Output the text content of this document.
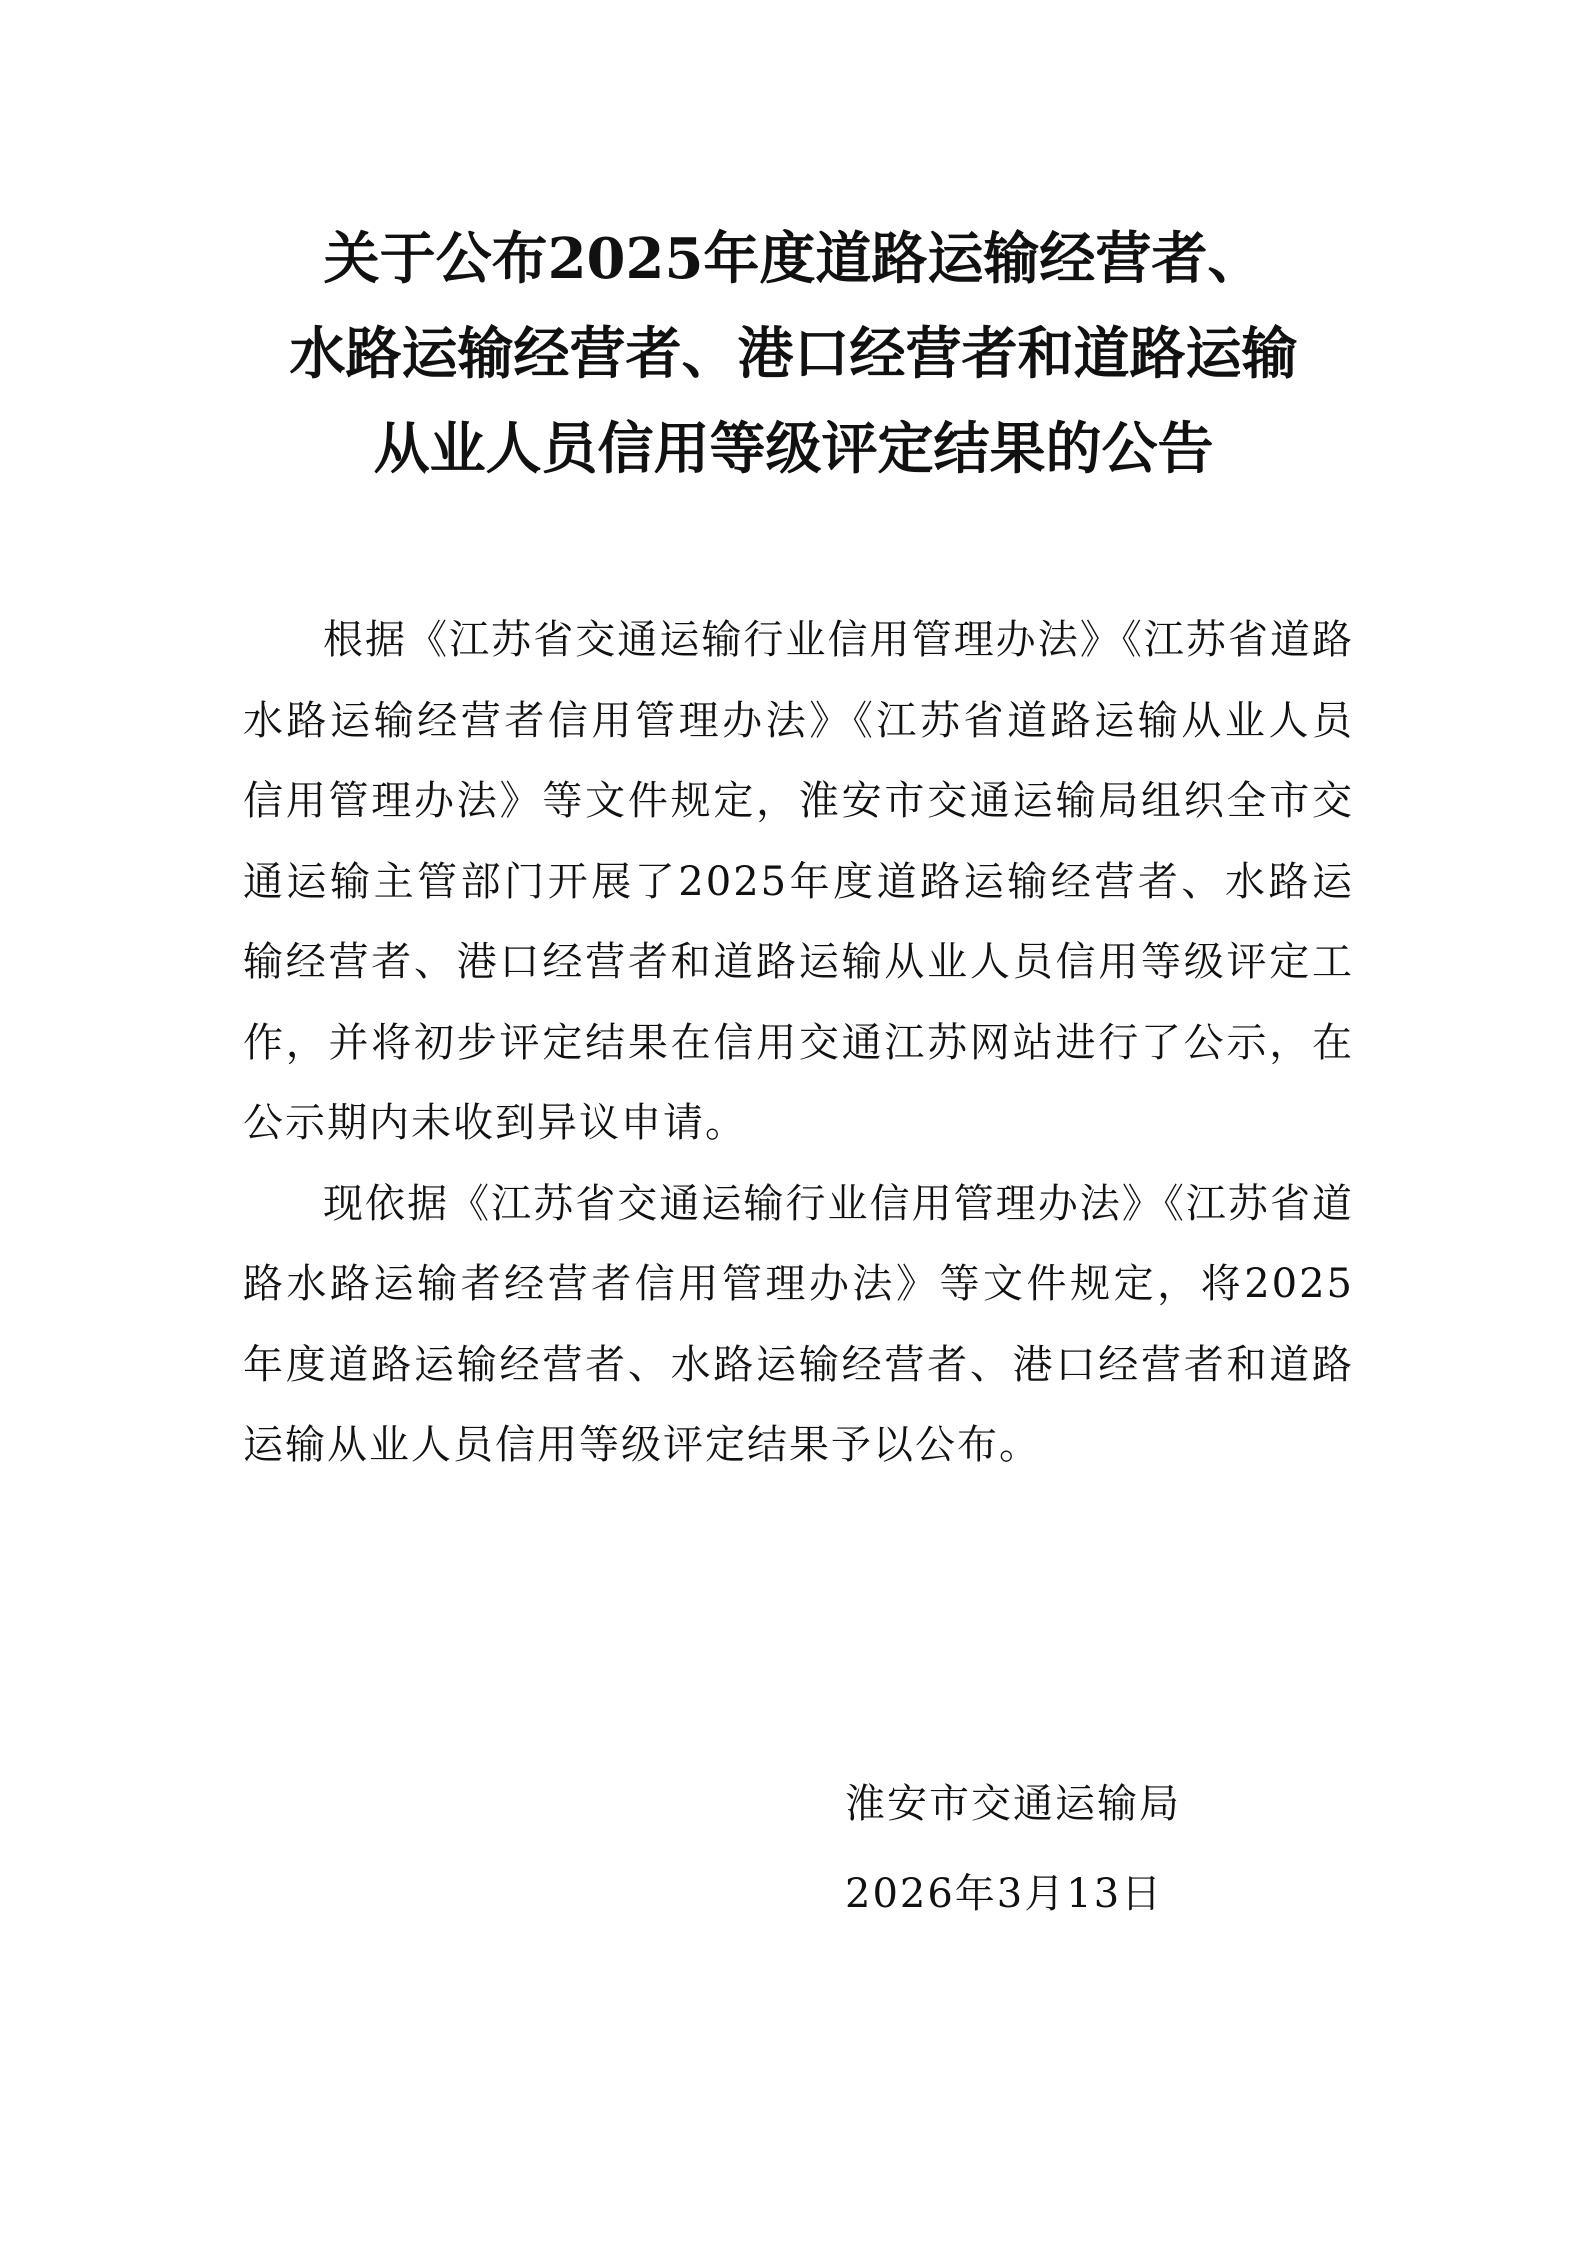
关于公布2025年度道路运输经营者、
水路运输经营者、港口经营者和道路运输
从业人员信用等级评定结果的公告

根据《江苏省交通运输行业信用管理办法》《江苏省道路水路运输经营者信用管理办法》《江苏省道路运输从业人员信用管理办法》等文件规定，淮安市交通运输局组织全市交通运输主管部门开展了2025年度道路运输经营者、水路运输经营者、港口经营者和道路运输从业人员信用等级评定工作，并将初步评定结果在信用交通江苏网站进行了公示，在公示期内未收到异议申请。

现依据《江苏省交通运输行业信用管理办法》《江苏省道路水路运输者经营者信用管理办法》等文件规定，将2025年度道路运输经营者、水路运输经营者、港口经营者和道路运输从业人员信用等级评定结果予以公布。

淮安市交通运输局
2026年3月13日
